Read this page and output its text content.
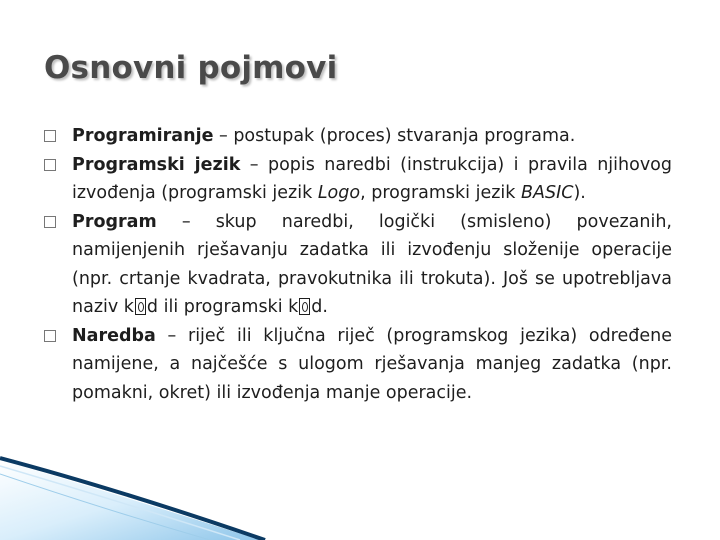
Osnovni pojmovi

Programiranje – postupak (proces) stvaranja programa.

Programski jezik – popis naredbi (instrukcija) i pravila njihovog izvođenja (programski jezik Logo, programski jezik BASIC).

Program – skup naredbi, logički (smisleno) povezanih, namijenjenih rješavanju zadatka ili izvođenju složenije operacije (npr. crtanje kvadrata, pravokutnika ili trokuta). Još se upotrebljava naziv k d ili programski k d.

Naredba – riječ ili ključna riječ (programskog jezika) određene namijene, a najčešće s ulogom rješavanja manjeg zadatka (npr. pomakni, okret) ili izvođenja manje operacije.
